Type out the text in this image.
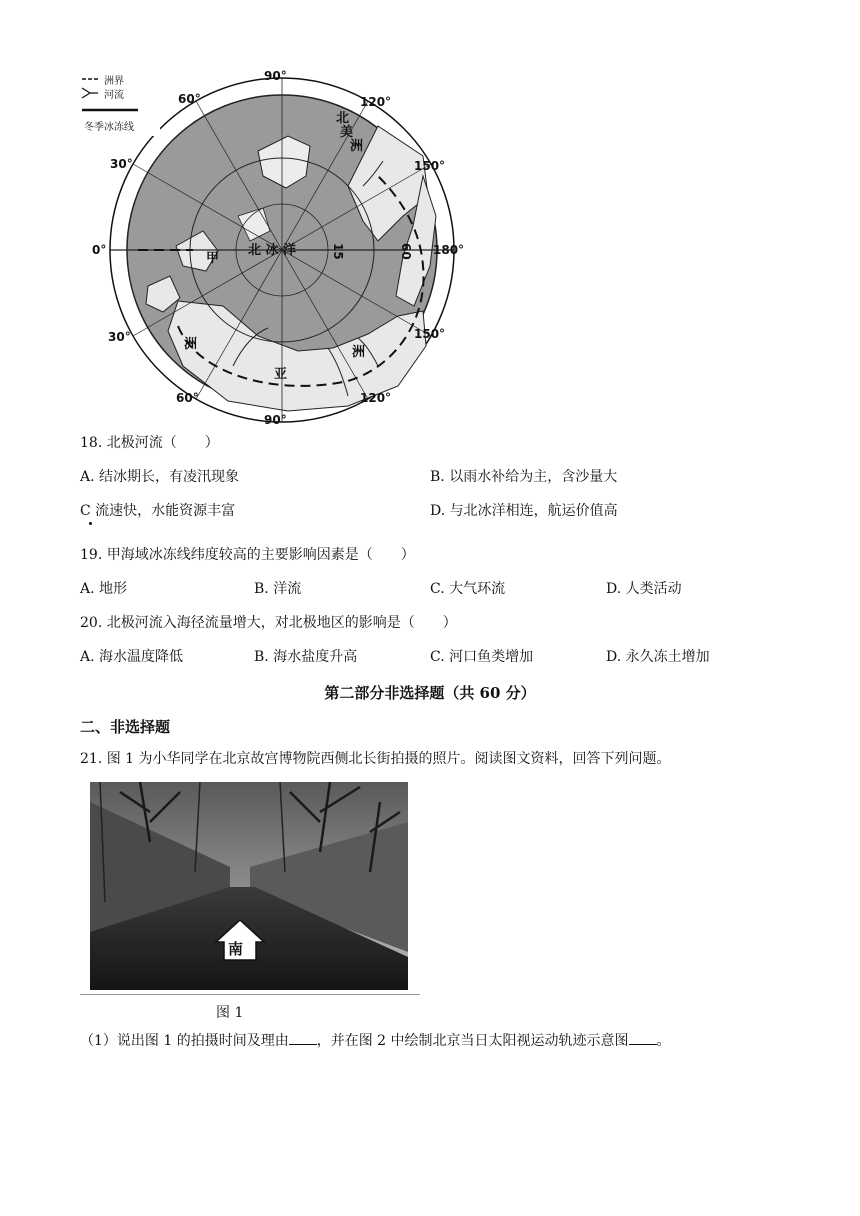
90°
60°	120°
30°	150°
0°	180°
30°	150°
60°	120°
90°
北 冰 洋
北
美
洲
甲
洲
洲
亚
15	60
洲界
河流
冬季冰冻线
18. 北极河流（　　）
A. 结冰期长，有凌汛现象	B. 以雨水补给为主，含沙量大
C 流速快，水能资源丰富	D. 与北冰洋相连，航运价值高
19. 甲海域冰冻线纬度较高的主要影响因素是（　　）
A. 地形	B. 洋流	C. 大气环流	D. 人类活动
20. 北极河流入海径流量增大，对北极地区的影响是（　　）
A. 海水温度降低	B. 海水盐度升高	C. 河口鱼类增加	D. 永久冻土增加
第二部分非选择题（共 60 分）
二、非选择题
21. 图 1 为小华同学在北京故宫博物院西侧北长街拍摄的照片。阅读图文资料，回答下列问题。
南
图 1
（1）说出图 1 的拍摄时间及理由 ，并在图 2 中绘制北京当日太阳视运动轨迹示意图 。
